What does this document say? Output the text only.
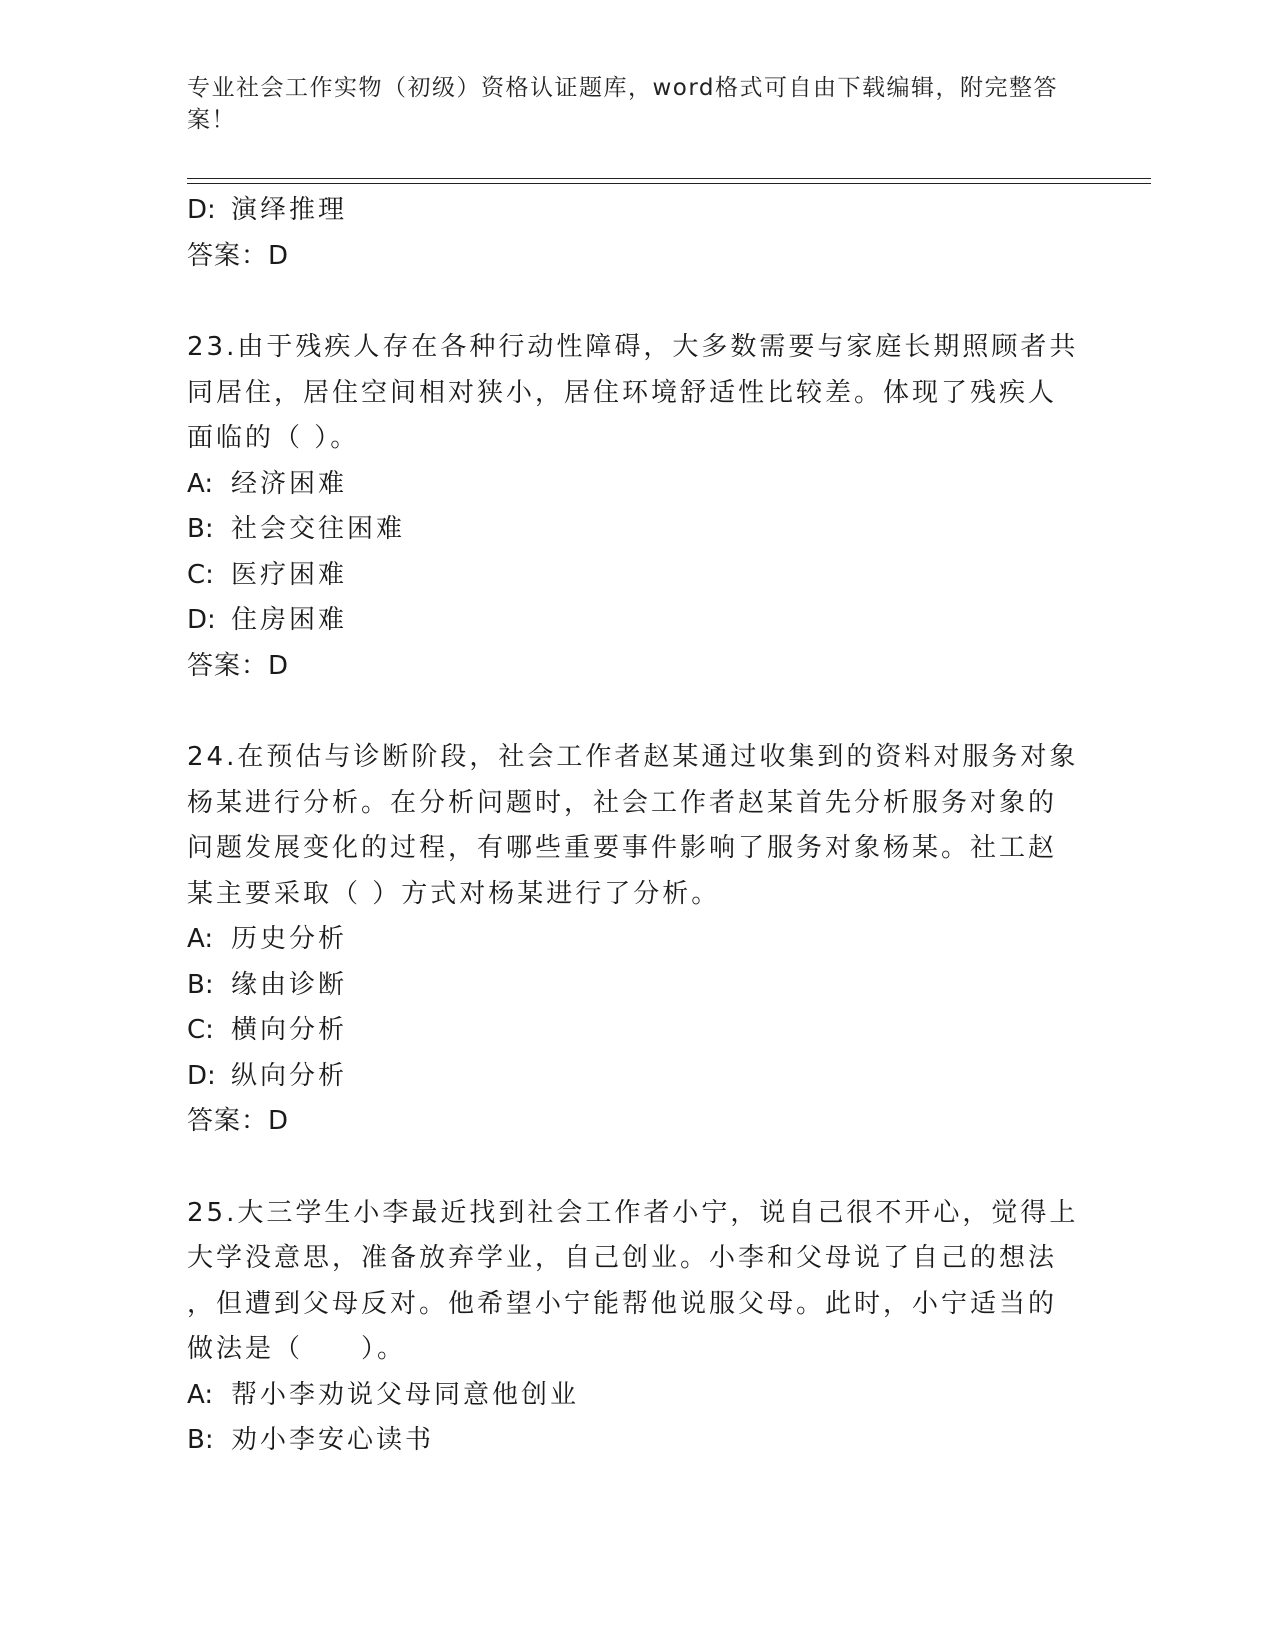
专业社会工作实物（初级）资格认证题库，word格式可自由下载编辑，附完整答
案！
D: 演绎推理
答案：D
23.由于残疾人存在各种行动性障碍，大多数需要与家庭长期照顾者共
同居住，居住空间相对狭小，居住环境舒适性比较差。体现了残疾人
面临的（ ）。
A: 经济困难
B: 社会交往困难
C: 医疗困难
D: 住房困难
答案：D
24.在预估与诊断阶段，社会工作者赵某通过收集到的资料对服务对象
杨某进行分析。在分析问题时，社会工作者赵某首先分析服务对象的
问题发展变化的过程，有哪些重要事件影响了服务对象杨某。社工赵
某主要采取（ ）方式对杨某进行了分析。
A: 历史分析
B: 缘由诊断
C: 横向分析
D: 纵向分析
答案：D
25.大三学生小李最近找到社会工作者小宁，说自己很不开心，觉得上
大学没意思，准备放弃学业，自己创业。小李和父母说了自己的想法
，但遭到父母反对。他希望小宁能帮他说服父母。此时，小宁适当的
做法是（　　）。
A: 帮小李劝说父母同意他创业
B: 劝小李安心读书
